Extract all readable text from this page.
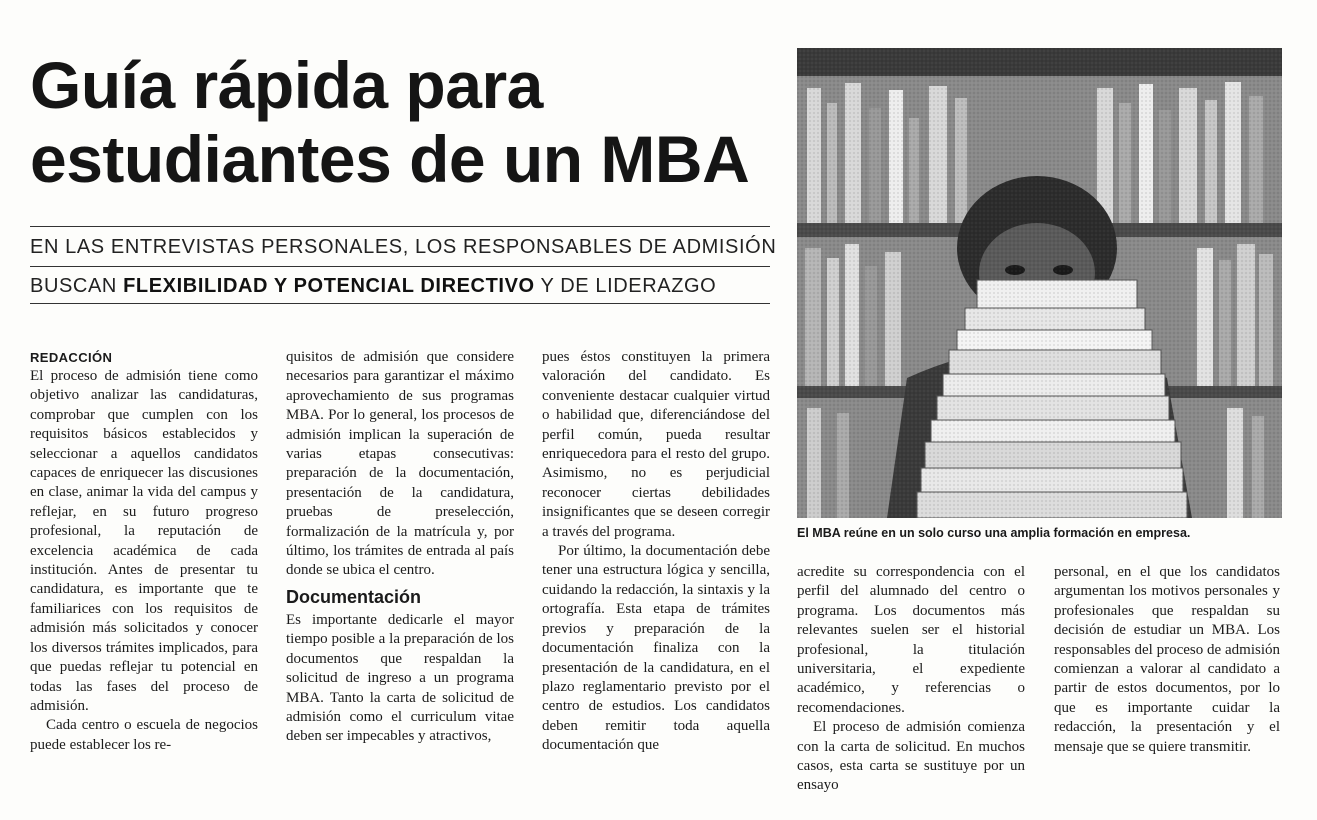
Guía rápida para
estudiantes de un MBA
EN LAS ENTREVISTAS PERSONALES, LOS RESPONSABLES DE ADMISIÓN
BUSCAN FLEXIBILIDAD Y POTENCIAL DIRECTIVO Y DE LIDERAZGO
REDACCIÓN

El proceso de admisión tiene como objetivo analizar las candidaturas, comprobar que cumplen con los requisitos básicos establecidos y seleccionar a aquellos candidatos capaces de enriquecer las discusiones en clase, animar la vida del campus y reflejar, en su futuro progreso profesional, la reputación de excelencia académica de cada institución. Antes de presentar tu candidatura, es importante que te familiarices con los requisitos de admisión más solicitados y conocer los diversos trámites implicados, para que puedas reflejar tu potencial en todas las fases del proceso de admisión.

Cada centro o escuela de negocios puede establecer los re-

quisitos de admisión que considere necesarios para garantizar el máximo aprovechamiento de sus programas MBA. Por lo general, los procesos de admisión implican la superación de varias etapas consecutivas: preparación de la documentación, presentación de la candidatura, pruebas de preselección, formalización de la matrícula y, por último, los trámites de entrada al país donde se ubica el centro.

Documentación

Es importante dedicarle el mayor tiempo posible a la preparación de los documentos que respaldan la solicitud de ingreso a un programa MBA. Tanto la carta de solicitud de admisión como el curriculum vitae deben ser impecables y atractivos,

pues éstos constituyen la primera valoración del candidato. Es conveniente destacar cualquier virtud o habilidad que, diferenciándose del perfil común, pueda resultar enriquecedora para el resto del grupo. Asimismo, no es perjudicial reconocer ciertas debilidades insignificantes que se deseen corregir a través del programa.

Por último, la documentación debe tener una estructura lógica y sencilla, cuidando la redacción, la sintaxis y la ortografía. Esta etapa de trámites previos y preparación de la documentación finaliza con la presentación de la candidatura, en el plazo reglamentario previsto por el centro de estudios. Los candidatos deben remitir toda aquella documentación que

acredite su correspondencia con el perfil del alumnado del centro o programa. Los documentos más relevantes suelen ser el historial profesional, la titulación universitaria, el expediente académico, y referencias o recomendaciones.

El proceso de admisión comienza con la carta de solicitud. En muchos casos, esta carta se sustituye por un ensayo

personal, en el que los candidatos argumentan los motivos personales y profesionales que respaldan su decisión de estudiar un MBA. Los responsables del proceso de admisión comienzan a valorar al candidato a partir de estos documentos, por lo que es importante cuidar la redacción, la presentación y el mensaje que se quiere transmitir.

El MBA reúne en un solo curso una amplia formación en empresa.
